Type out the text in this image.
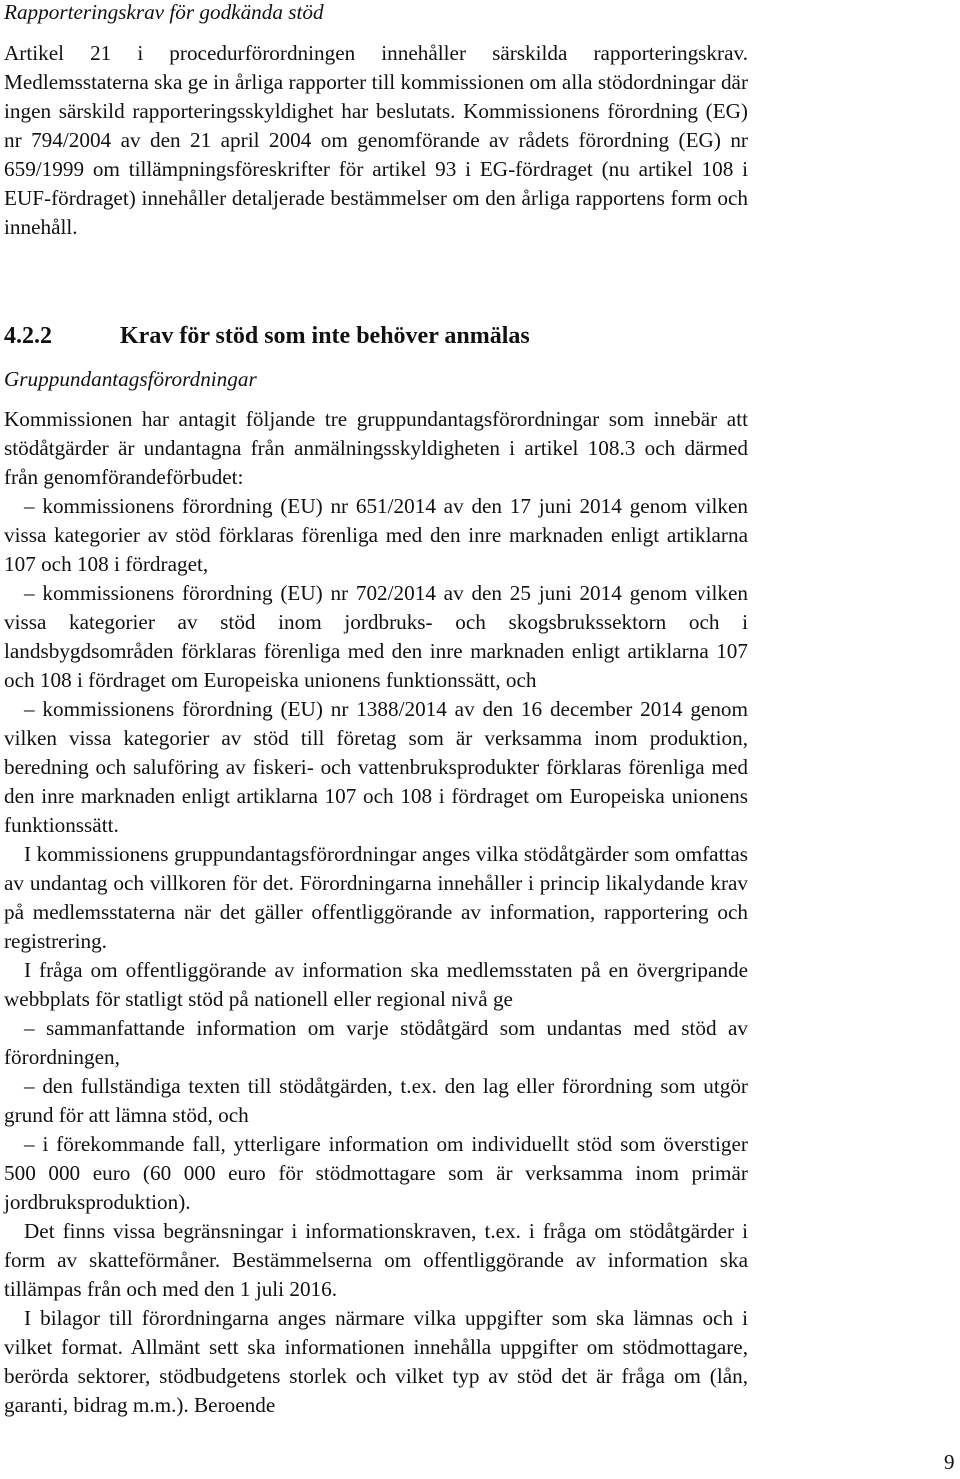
Rapporteringskrav för godkända stöd

Artikel 21 i procedurförordningen innehåller särskilda rapporteringskrav. Medlemsstaterna ska ge in årliga rapporter till kommissionen om alla stödordningar där ingen särskild rapporteringsskyldighet har beslutats. Kommissionens förordning (EG) nr 794/2004 av den 21 april 2004 om genomförande av rådets förordning (EG) nr 659/1999 om tillämpningsföreskrifter för artikel 93 i EG-fördraget (nu artikel 108 i EUF-fördraget) innehåller detaljerade bestämmelser om den årliga rapportens form och innehåll.

4.2.2	Krav för stöd som inte behöver anmälas

Gruppundantagsförordningar

Kommissionen har antagit följande tre gruppundantagsförordningar som innebär att stödåtgärder är undantagna från anmälningsskyldigheten i artikel 108.3 och därmed från genomförandeförbudet:

– kommissionens förordning (EU) nr 651/2014 av den 17 juni 2014 genom vilken vissa kategorier av stöd förklaras förenliga med den inre marknaden enligt artiklarna 107 och 108 i fördraget,

– kommissionens förordning (EU) nr 702/2014 av den 25 juni 2014 genom vilken vissa kategorier av stöd inom jordbruks- och skogsbrukssektorn och i landsbygdsområden förklaras förenliga med den inre marknaden enligt artiklarna 107 och 108 i fördraget om Europeiska unionens funktionssätt, och

– kommissionens förordning (EU) nr 1388/2014 av den 16 december 2014 genom vilken vissa kategorier av stöd till företag som är verksamma inom produktion, beredning och saluföring av fiskeri- och vattenbruksprodukter förklaras förenliga med den inre marknaden enligt artiklarna 107 och 108 i fördraget om Europeiska unionens funktionssätt.

I kommissionens gruppundantagsförordningar anges vilka stödåtgärder som omfattas av undantag och villkoren för det. Förordningarna innehåller i princip likalydande krav på medlemsstaterna när det gäller offentliggörande av information, rapportering och registrering.

I fråga om offentliggörande av information ska medlemsstaten på en övergripande webbplats för statligt stöd på nationell eller regional nivå ge

– sammanfattande information om varje stödåtgärd som undantas med stöd av förordningen,

– den fullständiga texten till stödåtgärden, t.ex. den lag eller förordning som utgör grund för att lämna stöd, och

– i förekommande fall, ytterligare information om individuellt stöd som överstiger 500 000 euro (60 000 euro för stödmottagare som är verksamma inom primär jordbruksproduktion).

Det finns vissa begränsningar i informationskraven, t.ex. i fråga om stödåtgärder i form av skatteförmåner. Bestämmelserna om offentliggörande av information ska tillämpas från och med den 1 juli 2016.

I bilagor till förordningarna anges närmare vilka uppgifter som ska lämnas och i vilket format. Allmänt sett ska informationen innehålla uppgifter om stödmottagare, berörda sektorer, stödbudgetens storlek och vilket typ av stöd det är fråga om (lån, garanti, bidrag m.m.). Beroende

9
